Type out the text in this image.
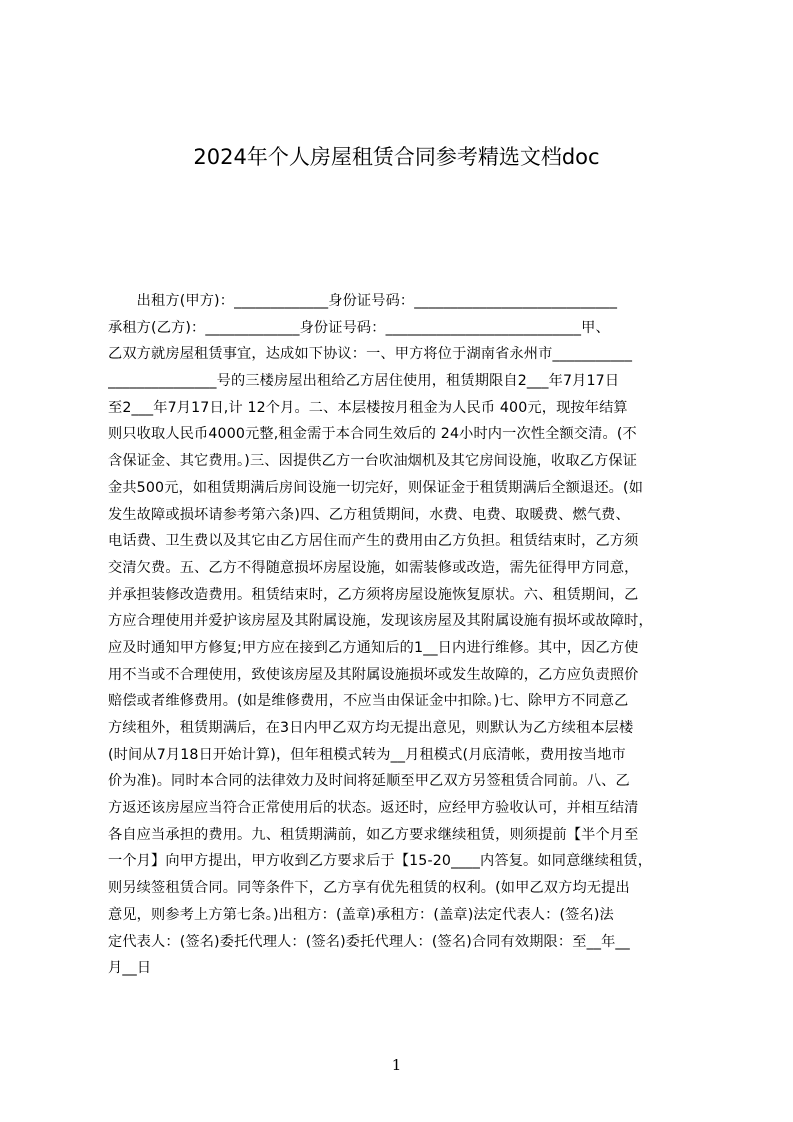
2024年个人房屋租赁合同参考精选文档doc
　　出租方(甲方)：_____________身份证号码：____________________________
承租方(乙方)：_____________身份证号码：___________________________甲、
乙双方就房屋租赁事宜，达成如下协议：一、甲方将位于湖南省永州市___________
_______________号的三楼房屋出租给乙方居住使用，租赁期限自2___年7月17日
至2___年7月17日,计 12个月。二、本层楼按月租金为人民币 400元，现按年结算
则只收取人民币4000元整,租金需于本合同生效后的 24小时内一次性全额交清。(不
含保证金、其它费用。)三、因提供乙方一台吹油烟机及其它房间设施，收取乙方保证
金共500元，如租赁期满后房间设施一切完好，则保证金于租赁期满后全额退还。(如
发生故障或损坏请参考第六条)四、乙方租赁期间，水费、电费、取暖费、燃气费、
电话费、卫生费以及其它由乙方居住而产生的费用由乙方负担。租赁结束时，乙方须
交清欠费。五、乙方不得随意损坏房屋设施，如需装修或改造，需先征得甲方同意，
并承担装修改造费用。租赁结束时，乙方须将房屋设施恢复原状。六、租赁期间，乙
方应合理使用并爱护该房屋及其附属设施，发现该房屋及其附属设施有损坏或故障时，
应及时通知甲方修复;甲方应在接到乙方通知后的1__日内进行维修。其中，因乙方使
用不当或不合理使用，致使该房屋及其附属设施损坏或发生故障的，乙方应负责照价
赔偿或者维修费用。(如是维修费用，不应当由保证金中扣除。)七、除甲方不同意乙
方续租外，租赁期满后，在3日内甲乙双方均无提出意见，则默认为乙方续租本层楼
(时间从7月18日开始计算)，但年租模式转为__月租模式(月底清帐，费用按当地市
价为准)。同时本合同的法律效力及时间将延顺至甲乙双方另签租赁合同前。八、乙
方返还该房屋应当符合正常使用后的状态。返还时，应经甲方验收认可，并相互结清
各自应当承担的费用。九、租赁期满前，如乙方要求继续租赁，则须提前【半个月至
一个月】向甲方提出，甲方收到乙方要求后于【15-20____内答复。如同意继续租赁，
则另续签租赁合同。同等条件下，乙方享有优先租赁的权利。(如甲乙双方均无提出
意见，则参考上方第七条。)出租方：(盖章)承租方：(盖章)法定代表人：(签名)法
定代表人：(签名)委托代理人：(签名)委托代理人：(签名)合同有效期限：至__年__
月__日
1
